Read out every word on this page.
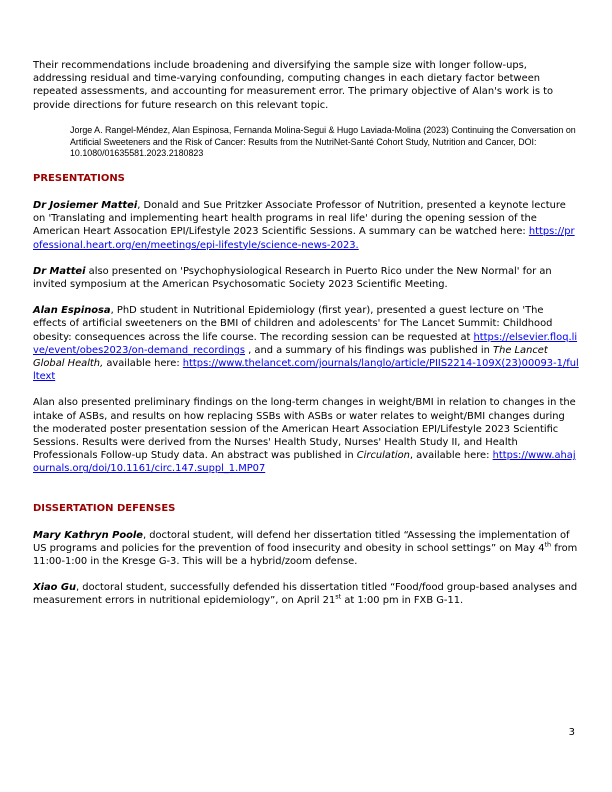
Their recommendations include broadening and diversifying the sample size with longer follow-ups, addressing residual and time-varying confounding, computing changes in each dietary factor between repeated assessments, and accounting for measurement error. The primary objective of Alan's work is to provide directions for future research on this relevant topic.

Jorge A. Rangel-Méndez, Alan Espinosa, Fernanda Molina-Segui & Hugo Laviada-Molina (2023) Continuing the Conversation on Artificial Sweeteners and the Risk of Cancer: Results from the NutriNet-Santé Cohort Study, Nutrition and Cancer, DOI: 10.1080/01635581.2023.2180823

PRESENTATIONS

Dr Josiemer Mattei, Donald and Sue Pritzker Associate Professor of Nutrition, presented a keynote lecture on 'Translating and implementing heart health programs in real life' during the opening session of the American Heart Assocation EPI/Lifestyle 2023 Scientific Sessions. A summary can be watched here: https://professional.heart.org/en/meetings/epi-lifestyle/science-news-2023.

Dr Mattei also presented on 'Psychophysiological Research in Puerto Rico under the New Normal' for an invited symposium at the American Psychosomatic Society 2023 Scientific Meeting.

Alan Espinosa, PhD student in Nutritional Epidemiology (first year), presented a guest lecture on 'The effects of artificial sweeteners on the BMI of children and adolescents' for The Lancet Summit: Childhood obesity: consequences across the life course. The recording session can be requested at https://elsevier.floq.live/event/obes2023/on-demand_recordings , and a summary of his findings was published in The Lancet Global Health, available here: https://www.thelancet.com/journals/langlo/article/PIIS2214-109X(23)00093-1/fulltext

Alan also presented preliminary findings on the long-term changes in weight/BMI in relation to changes in the intake of ASBs, and results on how replacing SSBs with ASBs or water relates to weight/BMI changes during the moderated poster presentation session of the American Heart Association EPI/Lifestyle 2023 Scientific Sessions. Results were derived from the Nurses' Health Study, Nurses' Health Study II, and Health Professionals Follow-up Study data. An abstract was published in Circulation, available here: https://www.ahajournals.org/doi/10.1161/circ.147.suppl_1.MP07

DISSERTATION DEFENSES

Mary Kathryn Poole, doctoral student, will defend her dissertation titled “Assessing the implementation of US programs and policies for the prevention of food insecurity and obesity in school settings” on May 4th from 11:00-1:00 in the Kresge G-3. This will be a hybrid/zoom defense.

Xiao Gu, doctoral student, successfully defended his dissertation titled “Food/food group-based analyses and measurement errors in nutritional epidemiology”, on April 21st at 1:00 pm in FXB G-11.

3
